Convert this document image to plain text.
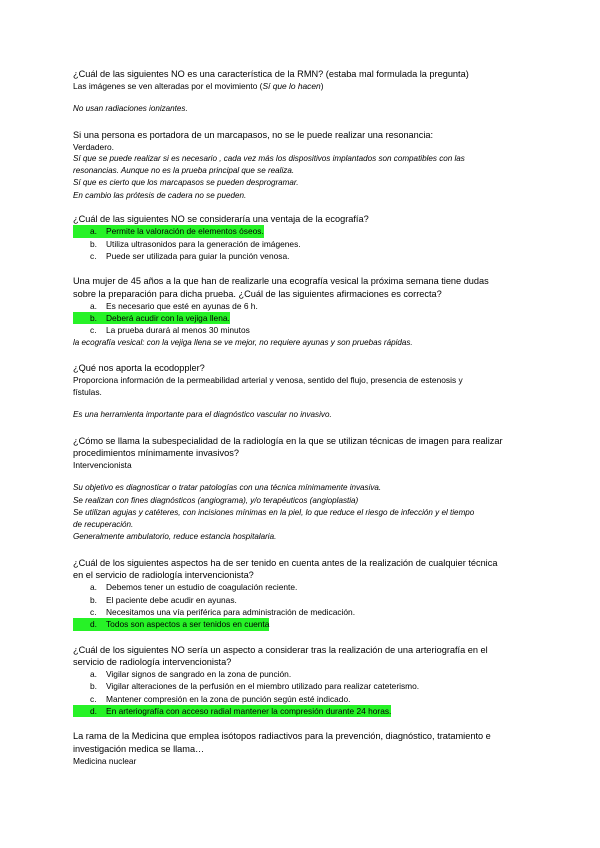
¿Cuál de las siguientes NO es una característica de la RMN? (estaba mal formulada la pregunta)

Las imágenes se ven alteradas por el movimiento (Sí que lo hacen)

No usan radiaciones ionizantes.

Si una persona es portadora de un marcapasos, no se le puede realizar una resonancia:

Verdadero.

Sí que se puede realizar si es necesario , cada vez más los dispositivos implantados son compatibles con las

resonancias. Aunque no es la prueba principal que se realiza.

Sí que es cierto que los marcapasos se pueden desprogramar.

En cambio las prótesis de cadera no se pueden.

¿Cuál de las siguientes NO se consideraría una ventaja de la ecografía?

a.	Permite la valoración de elementos óseos.
b.	Utiliza ultrasonidos para la generación de imágenes.
c.	Puede ser utilizada para guiar la punción venosa.

Una mujer de 45 años a la que han de realizarle una ecografía vesical la próxima semana tiene dudas

sobre la preparación para dicha prueba. ¿Cuál de las siguientes afirmaciones es correcta?

a.	Es necesario que esté en ayunas de 6 h.
b.	Deberá acudir con la vejiga llena.
c.	La prueba durará al menos 30 minutos

la ecografía vesical: con la vejiga llena se ve mejor, no requiere ayunas y son pruebas rápidas.

¿Qué nos aporta la ecodoppler?

Proporciona información de la permeabilidad arterial y venosa, sentido del flujo, presencia de estenosis y

fístulas.

Es una herramienta importante para el diagnóstico vascular no invasivo.

¿Cómo se llama la subespecialidad de la radiología en la que se utilizan técnicas de imagen para realizar

procedimientos mínimamente invasivos?

Intervencionista

Su objetivo es diagnosticar o tratar patologías con una técnica mínimamente invasiva.

Se realizan con fines diagnósticos (angiograma), y/o terapéuticos (angioplastia)

Se utilizan agujas y catéteres, con incisiones mínimas en la piel, lo que reduce el riesgo de infección y el tiempo

de recuperación.

Generalmente ambulatorio, reduce estancia hospitalaria.

¿Cuál de los siguientes aspectos ha de ser tenido en cuenta antes de la realización de cualquier técnica

en el servicio de radiología intervencionista?

a.	Debemos tener un estudio de coagulación reciente.
b.	El paciente debe acudir en ayunas.
c.	Necesitamos una vía periférica para administración de medicación.
d.	Todos son aspectos a ser tenidos en cuenta

¿Cuál de los siguientes NO sería un aspecto a considerar tras la realización de una arteriografía en el

servicio de radiología intervencionista?

a.	Vigilar signos de sangrado en la zona de punción.
b.	Vigilar alteraciones de la perfusión en el miembro utilizado para realizar cateterismo.
c.	Mantener compresión en la zona de punción según esté indicado.
d.	En arteriografía con acceso radial mantener la compresión durante 24 horas.

La rama de la Medicina que emplea isótopos radiactivos para la prevención, diagnóstico, tratamiento e

investigación medica se llama…

Medicina nuclear
